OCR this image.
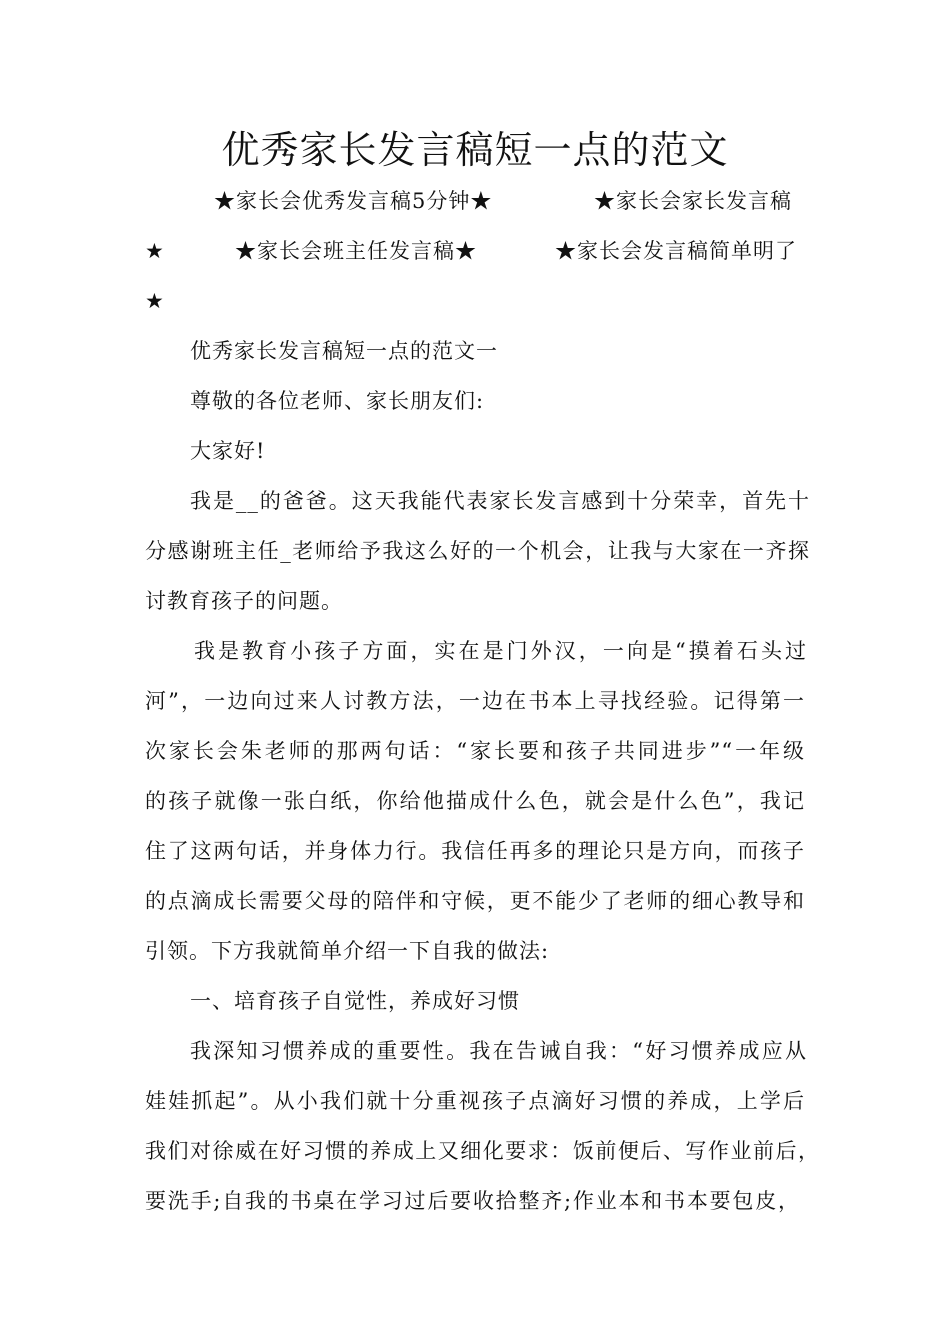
优秀家长发言稿短一点的范文
★家长会优秀发言稿5分钟★	★家长会家长发言稿
★	★家长会班主任发言稿★	★家长会发言稿简单明了
★
优秀家长发言稿短一点的范文一
尊敬的各位老师、家长朋友们:
大家好!
我是__的爸爸。这天我能代表家长发言感到十分荣幸，首先十
分感谢班主任_老师给予我这么好的一个机会，让我与大家在一齐探
讨教育孩子的问题。
我是教育小孩子方面，实在是门外汉，一向是“摸着石头过
河”，一边向过来人讨教方法，一边在书本上寻找经验。记得第一
次家长会朱老师的那两句话：“家长要和孩子共同进步”“一年级
的孩子就像一张白纸，你给他描成什么色，就会是什么色”，我记
住了这两句话，并身体力行。我信任再多的理论只是方向，而孩子
的点滴成长需要父母的陪伴和守候，更不能少了老师的细心教导和
引领。下方我就简单介绍一下自我的做法:
一、培育孩子自觉性，养成好习惯
我深知习惯养成的重要性。我在告诫自我：“好习惯养成应从
娃娃抓起”。从小我们就十分重视孩子点滴好习惯的养成，上学后
我们对徐威在好习惯的养成上又细化要求：饭前便后、写作业前后，
要洗手;自我的书桌在学习过后要收拾整齐;作业本和书本要包皮，
